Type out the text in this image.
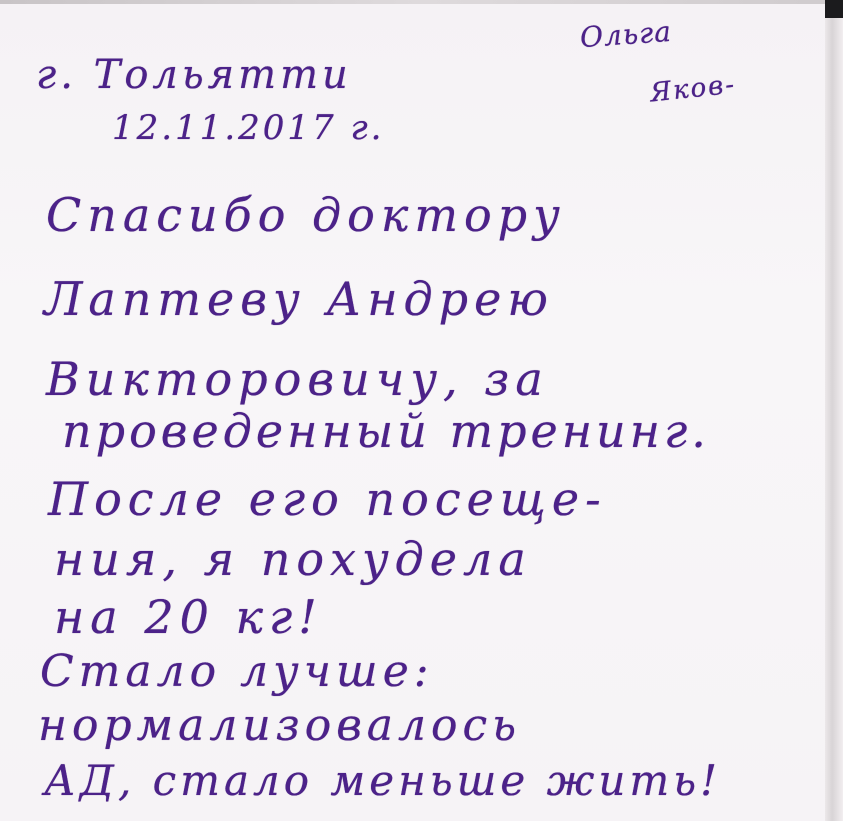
г. Тольятти
12.11.2017 г.
Ольга
Яков-
Спасибо доктору
Лаптеву Андрею
Викторовичу, за
проведенный тренинг.
После его посеще-
ния, я похудела
на 20 кг!
Стало лучше:
нормализовалось
АД, стало меньше жить!
